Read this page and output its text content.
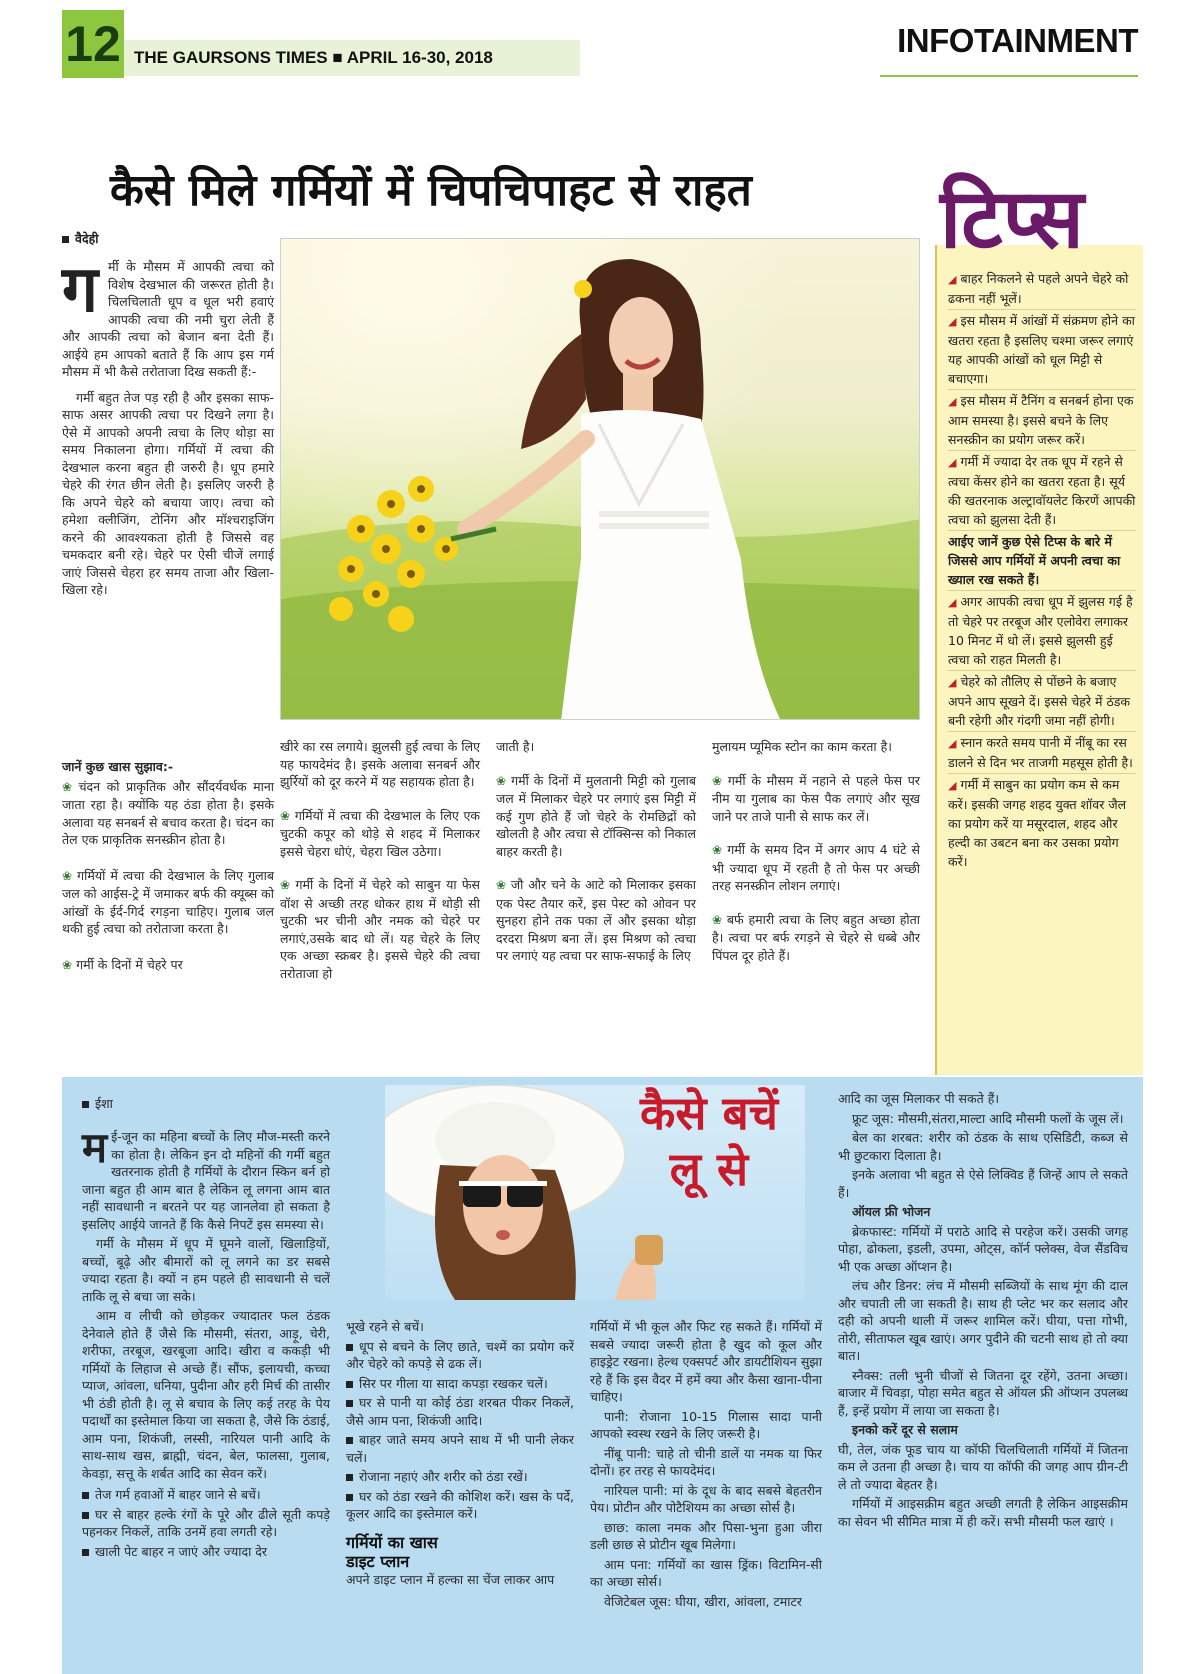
12 THE GAURSONS TIMES ■ APRIL 16-30, 2018	INFOTAINMENT
कैसे मिले गर्मियों में चिपचिपाहट से राहत
वैदेही
ग र्मी के मौसम में आपकी त्वचा को विशेष देखभाल की जरूरत होती है। चिलचिलाती धूप व धूल भरी हवाएं आपकी त्वचा की नमी चुरा लेती हैं और आपकी त्वचा को बेजान बना देती हैं। आईये हम आपको बताते हैं कि आप इस गर्म मौसम में भी कैसे तरोताजा दिख सकती हैं:-

गर्मी बहुत तेज पड़ रही है और इसका साफ-साफ असर आपकी त्वचा पर दिखने लगा है। ऐसे में आपको अपनी त्वचा के लिए थोड़ा सा समय निकालना होगा। गर्मियों में त्वचा की देखभाल करना बहुत ही जरुरी है। धूप हमारे चेहरे की रंगत छीन लेती है। इसलिए जरुरी है कि अपने चेहरे को बचाया जाए। त्वचा को हमेशा क्लीजिंग, टोनिंग और मॉश्चराइजिंग करने की आवश्यकता होती है जिससे वह चमकदार बनी रहे। चेहरे पर ऐसी चीजें लगाई जाएं जिससे चेहरा हर समय ताजा और खिला-खिला रहे।

जानें कुछ खास सुझाव:-

❀ चंदन को प्राकृतिक और सौंदर्यवर्धक माना जाता रहा है। क्योंकि यह ठंडा होता है। इसके अलावा यह सनबर्न से बचाव करता है। चंदन का तेल एक प्राकृतिक सनस्क्रीन होता है।

❀ गर्मियों में त्वचा की देखभाल के लिए गुलाब जल को आईस-ट्रे में जमाकर बर्फ की क्यूब्स को आंखों के ईर्द-गिर्द रगड़ना चाहिए। गुलाब जल थकी हुई त्वचा को तरोताजा करता है।

❀ गर्मी के दिनों में चेहरे पर

खीरे का रस लगाये। झुलसी हुई त्वचा के लिए यह फायदेमंद है। इसके अलावा सनबर्न और झुर्रियों को दूर करने में यह सहायक होता है।

❀ गर्मियों में त्वचा की देखभाल के लिए एक चुटकी कपूर को थोड़े से शहद में मिलाकर इससे चेहरा धोएं, चेहरा खिल उठेगा।

❀ गर्मी के दिनों में चेहरे को साबुन या फेस वॉश से अच्छी तरह धोकर हाथ में थोड़ी सी चुटकी भर चीनी और नमक को चेहरे पर लगाएं,उसके बाद धो लें। यह चेहरे के लिए एक अच्छा स्क्रबर है। इससे चेहरे की त्वचा तरोताजा हो

जाती है।

❀ गर्मी के दिनों में मुलतानी मिट्टी को गुलाब जल में मिलाकर चेहरे पर लगाएं इस मिट्टी में कई गुण होते हैं जो चेहरे के रोमछिद्रों को खोलती है और त्वचा से टॉक्सिन्स को निकाल बाहर करती है।

❀ जौ और चने के आटे को मिलाकर इसका एक पेस्ट तैयार करें, इस पेस्ट को ओवन पर सुनहरा होने तक पका लें और इसका थोड़ा दरदरा मिश्रण बना लें। इस मिश्रण को त्वचा पर लगाएं यह त्वचा पर साफ-सफाई के लिए

मुलायम प्यूमिक स्टोन का काम करता है।

❀ गर्मी के मौसम में नहाने से पहले फेस पर नीम या गुलाब का फेस पैक लगाएं और सूख जाने पर ताजे पानी से साफ कर लें।

❀ गर्मी के समय दिन में अगर आप 4 घंटे से भी ज्यादा धूप में रहती है तो फेस पर अच्छी तरह सनस्क्रीन लोशन लगाएं।

❀ बर्फ हमारी त्वचा के लिए बहुत अच्छा होता है। त्वचा पर बर्फ रगड़ने से चेहरे से धब्बे और पिंपल दूर होते हैं।

टिप्स
◢ बाहर निकलने से पहले अपने चेहरे को ढकना नहीं भूलें।
◢ इस मौसम में आंखों में संक्रमण होने का खतरा रहता है इसलिए चश्मा जरूर लगाएं यह आपकी आंखों को धूल मिट्टी से बचाएगा।
◢ इस मौसम में टैनिंग व सनबर्न होना एक आम समस्या है। इससे बचने के लिए सनस्क्रीन का प्रयोग जरूर करें।
◢ गर्मी में ज्यादा देर तक धूप में रहने से त्वचा केंसर होने का खतरा रहता है। सूर्य की खतरनाक अल्ट्रावॉयलेट किरणें आपकी त्वचा को झुलसा देती हैं।
आईए जानें कुछ ऐसे टिप्स के बारे में जिससे आप गर्मियों में अपनी त्वचा का ख्याल रख सकते हैं।
◢ अगर आपकी त्वचा धूप में झुलस गई है तो चेहरे पर तरबूज और एलोवेरा लगाकर 10 मिनट में धो लें। इससे झुलसी हुई त्वचा को राहत मिलती है।
◢ चेहरे को तौलिए से पोंछने के बजाए अपने आप सूखने दें। इससे चेहरे में ठंडक बनी रहेगी और गंदगी जमा नहीं होगी।
◢ स्नान करते समय पानी में नींबू का रस डालने से दिन भर ताजगी महसूस होती है।
◢ गर्मी में साबुन का प्रयोग कम से कम करें। इसकी जगह शहद युक्त शॉवर जैल का प्रयोग करें या मसूरदाल, शहद और हल्दी का उबटन बना कर उसका प्रयोग करें।
कैसे बचें
लू से
ईशा
म ई-जून का महिना बच्चों के लिए मौज-मस्ती करने का होता है। लेकिन इन दो महिनों की गर्मी बहुत खतरनाक होती है गर्मियों के दौरान स्किन बर्न हो जाना बहुत ही आम बात है लेकिन लू लगना आम बात नहीं सावधानी न बरतने पर यह जानलेवा हो सकता है इसलिए आईये जानते हैं कि कैसे निपटें इस समस्या से।

गर्मी के मौसम में धूप में घूमने वालों, खिलाड़ियों, बच्चों, बूढ़े और बीमारों को लू लगने का डर सबसे ज्यादा रहता है। क्यों न हम पहले ही सावधानी से चलें ताकि लू से बचा जा सके।

आम व लीची को छोड़कर ज्यादातर फल ठंडक देनेवाले होते हैं जैसे कि मौसमी, संतरा, आड़ू, चेरी, शरीफा, तरबूज, खरबूजा आदि। खीरा व ककड़ी भी गर्मियों के लिहाज से अच्छे हैं। सौंफ, इलायची, कच्चा प्याज, आंवला, धनिया, पुदीना और हरी मिर्च की तासीर भी ठंडी होती है। लू से बचाव के लिए कई तरह के पेय पदार्थों का इस्तेमाल किया जा सकता है, जैसे कि ठंडाई, आम पना, शिकंजी, लस्सी, नारियल पानी आदि के साथ-साथ खस, ब्राह्मी, चंदन, बेल, फालसा, गुलाब, केवड़ा, सत्तू के शर्बत आदि का सेवन करें।

तेज गर्म हवाओं में बाहर जाने से बचें।

घर से बाहर हल्के रंगों के पूरे और ढीले सूती कपड़े पहनकर निकलें, ताकि उनमें हवा लगती रहे।

खाली पेट बाहर न जाएं और ज्यादा देर

भूखे रहने से बचें।

धूप से बचने के लिए छाते, चश्में का प्रयोग करें और चेहरे को कपड़े से ढक लें।

सिर पर गीला या सादा कपड़ा रखकर चलें।

घर से पानी या कोई ठंडा शरबत पीकर निकलें, जैसे आम पना, शिकंजी आदि।

बाहर जाते समय अपने साथ में भी पानी लेकर चलें।

रोजाना नहाएं और शरीर को ठंडा रखें।

घर को ठंडा रखने की कोशिश करें। खस के पर्दे, कूलर आदि का इस्तेमाल करें।

गर्मियों का खास
डाइट प्लान

अपने डाइट प्लान में हल्का सा चेंज लाकर आप

गर्मियों में भी कूल और फिट रह सकते हैं। गर्मियों में सबसे ज्यादा जरूरी होता है खुद को कूल और हाइड्रेट रखना। हेल्थ एक्सपर्ट और डायटीशियन सुझा रहे हैं कि इस वैदर में हमें क्या और कैसा खाना-पीना चाहिए।

पानी: रोजाना 10-15 गिलास सादा पानी आपको स्वस्थ रखने के लिए जरूरी है।

नींबू पानी: चाहे तो चीनी डालें या नमक या फिर दोनों। हर तरह से फायदेमंद।

नारियल पानी: मां के दूध के बाद सबसे बेहतरीन पेय। प्रोटीन और पोटैशियम का अच्छा सोर्स है।

छाछ: काला नमक और पिसा-भुना हुआ जीरा डली छाछ से प्रोटीन खूब मिलेगा।

आम पना: गर्मियों का खास ड्रिंक। विटामिन-सी का अच्छा सोर्स।

वेजिटेबल जूस: घीया, खीरा, आंवला, टमाटर

आदि का जूस मिलाकर पी सकते हैं।

फ्रूट जूस: मौसमी,संतरा,माल्टा आदि मौसमी फलों के जूस लें।

बेल का शरबत: शरीर को ठंडक के साथ एसिडिटी, कब्ज से भी छुटकारा दिलाता है।

इनके अलावा भी बहुत से ऐसे लिक्विड हैं जिन्हें आप ले सकते हैं।

ऑयल फ्री भोजन

ब्रेकफास्ट: गर्मियों में पराठे आदि से परहेज करें। उसकी जगह पोहा, ढोकला, इडली, उपमा, ओट्स, कॉर्न फ्लेक्स, वेज सैंडविच भी एक अच्छा ऑप्शन है।

लंच और डिनर: लंच में मौसमी सब्जियों के साथ मूंग की दाल और चपाती ली जा सकती है। साथ ही प्लेट भर कर सलाद और दही को अपनी थाली में जरूर शामिल करें। घीया, पत्ता गोभी, तोरी, सीताफल खूब खाएं। अगर पुदीने की चटनी साथ हो तो क्या बात।

स्नैक्स: तली भुनी चीजों से जितना दूर रहेंगे, उतना अच्छा। बाजार में चिवड़ा, पोहा समेत बहुत से ऑयल फ्री ऑप्शन उपलब्ध हैं, इन्हें प्रयोग में लाया जा सकता है।

इनको करें दूर से सलाम

घी, तेल, जंक फूड चाय या कॉफी चिलचिलाती गर्मियों में जितना कम ले उतना ही अच्छा है। चाय या कॉफी की जगह आप ग्रीन-टी ले तो ज्यादा बेहतर है।

गर्मियों में आइसक्रीम बहुत अच्छी लगती है लेकिन आइसक्रीम का सेवन भी सीमित मात्रा में ही करें। सभी मौसमी फल खाएं ।
